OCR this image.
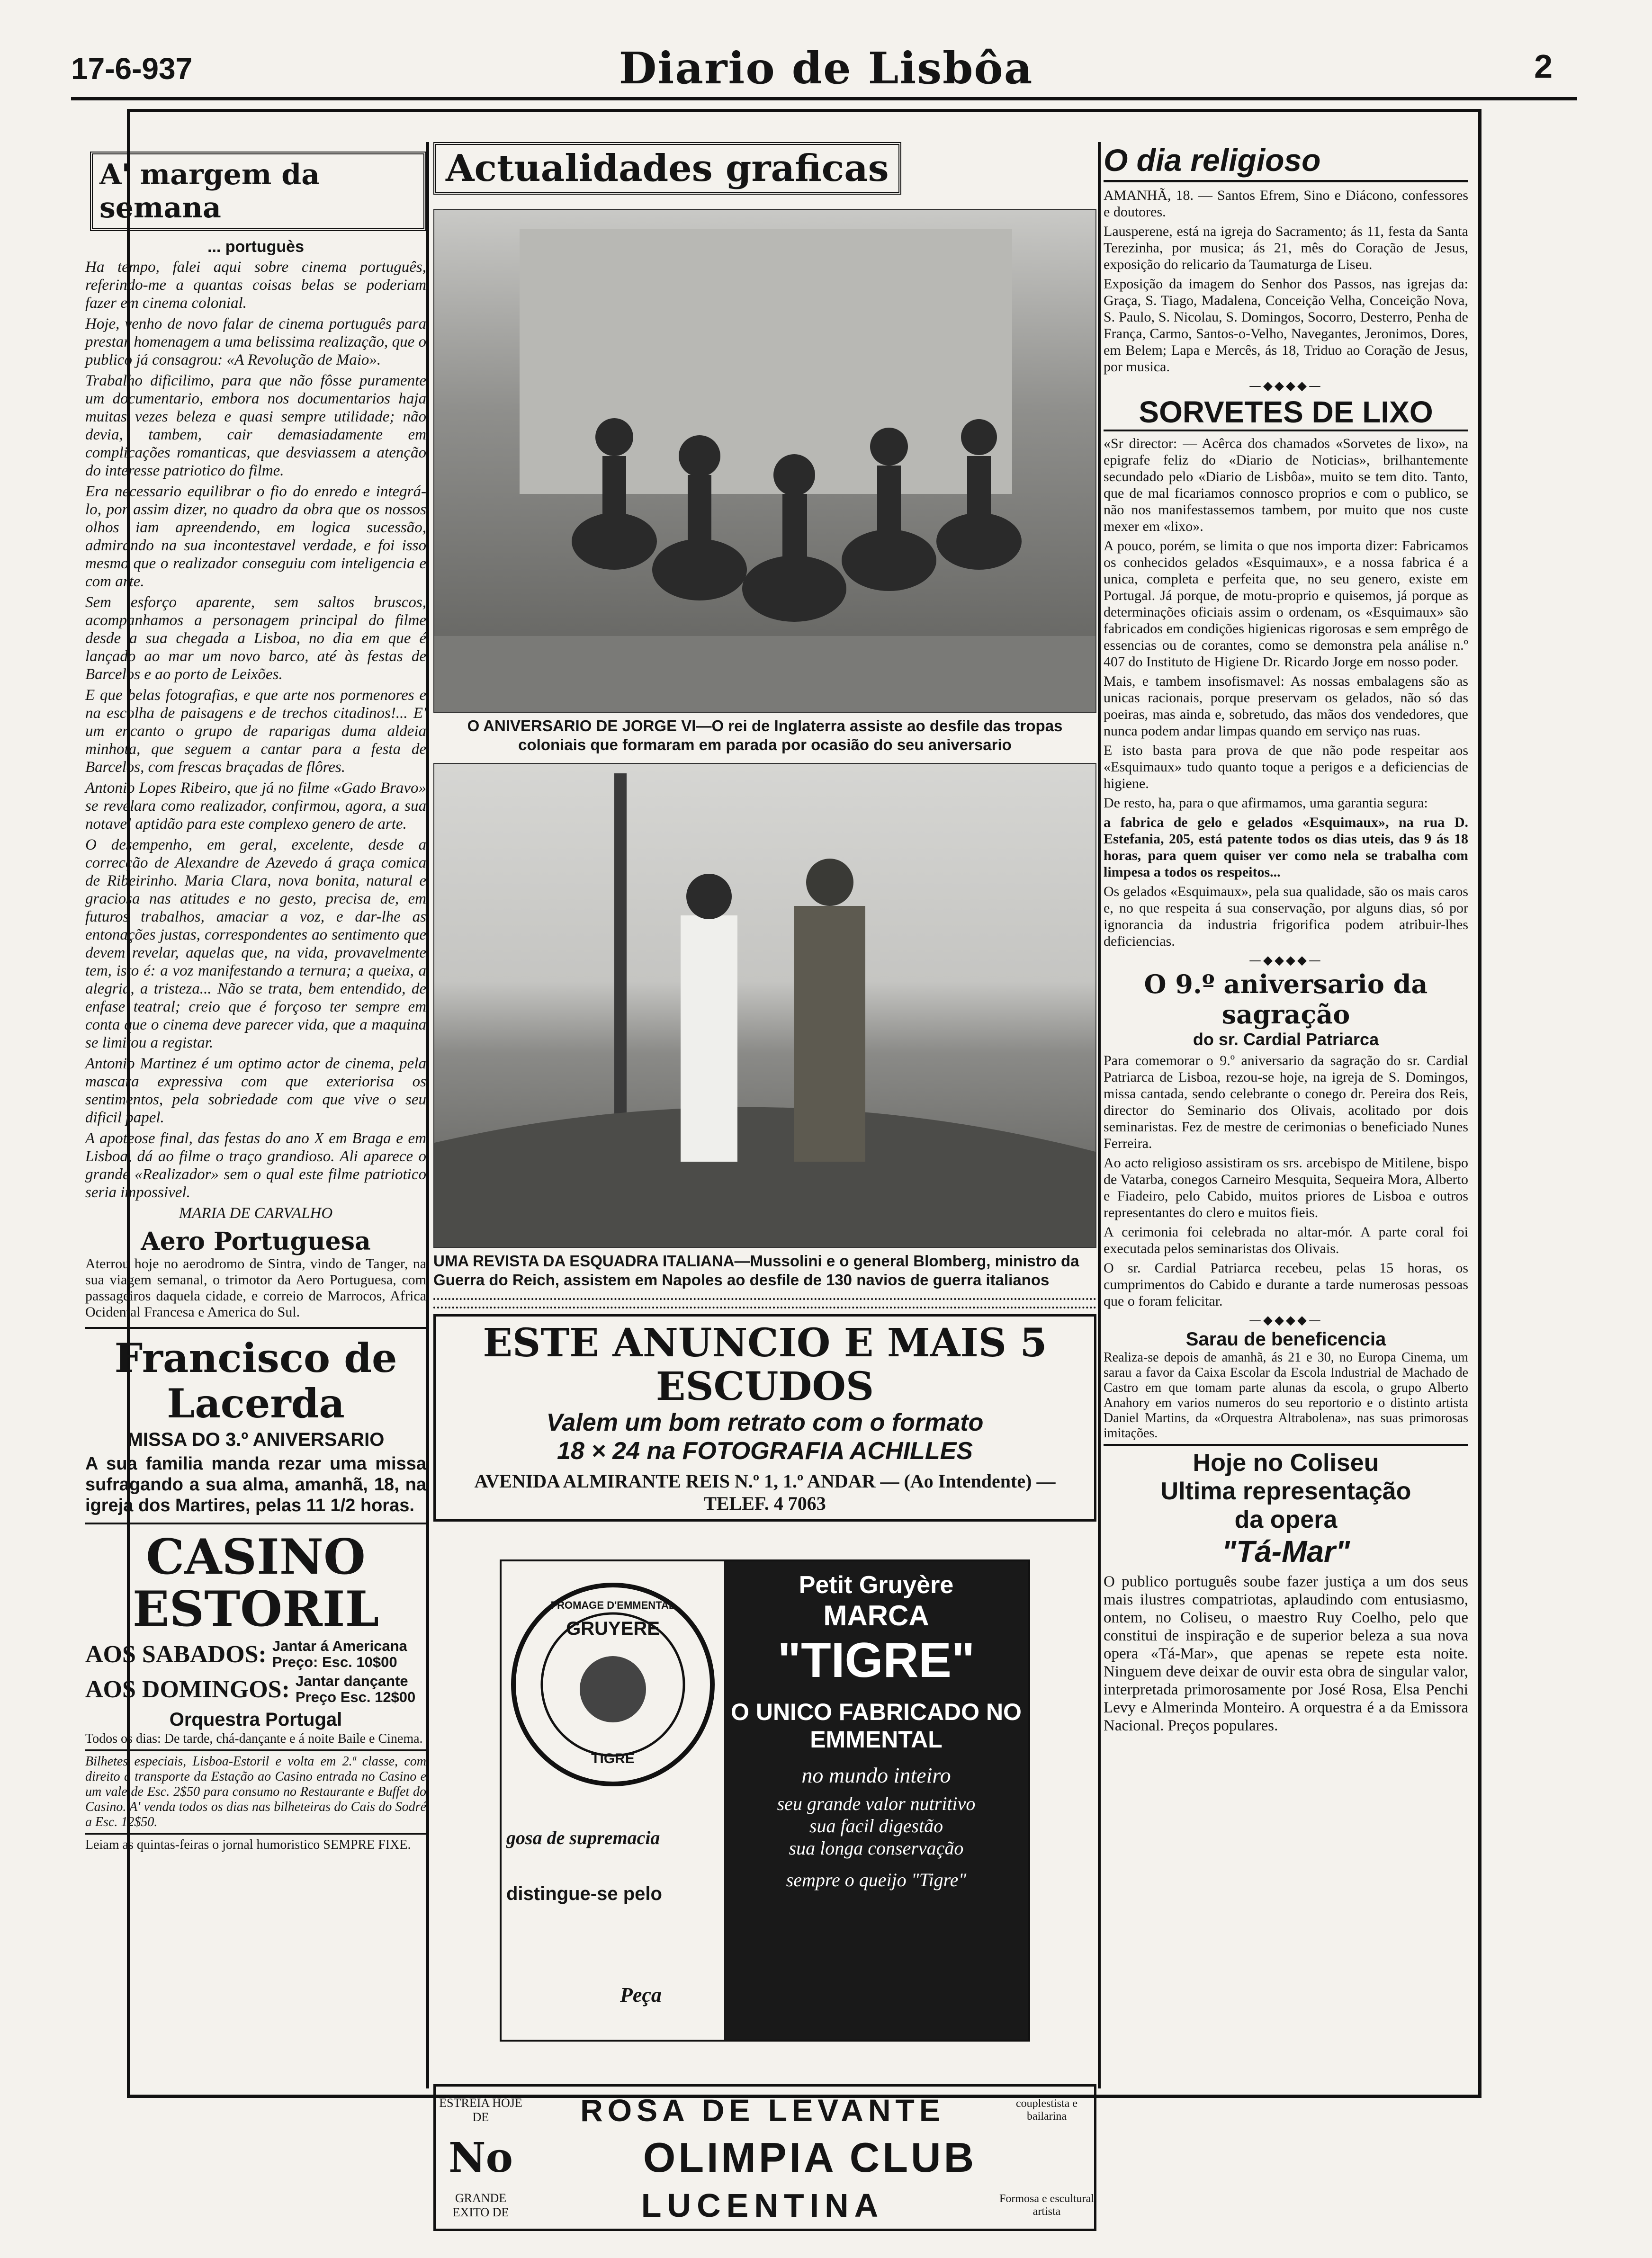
17-6-937	Diario de Lisbôa	2
A' margem da semana
... portuguès

Ha tempo, falei aqui sobre cinema português, referindo-me a quantas coisas belas se poderiam fazer em cinema colonial.

Hoje, venho de novo falar de cinema português para prestar homenagem a uma belissima realização, que o publico já consagrou: «A Revolução de Maio».

Trabalho dificilimo, para que não fôsse puramente um documentario, embora nos documentarios haja muitas vezes beleza e quasi sempre utilidade; não devia, tambem, cair demasiadamente em complicações romanticas, que desviassem a atenção do interesse patriotico do filme.

Era necessario equilibrar o fio do enredo e integrá-lo, por assim dizer, no quadro da obra que os nossos olhos iam apreendendo, em logica sucessão, admirando na sua incontestavel verdade, e foi isso mesmo que o realizador conseguiu com inteligencia e com arte.

Sem esforço aparente, sem saltos bruscos, acompanhamos a personagem principal do filme desde a sua chegada a Lisboa, no dia em que é lançado ao mar um novo barco, até às festas de Barcelos e ao porto de Leixões.

E que belas fotografias, e que arte nos pormenores e na escolha de paisagens e de trechos citadinos!... E' um encanto o grupo de raparigas duma aldeia minhota, que seguem a cantar para a festa de Barcelos, com frescas braçadas de flôres.

Antonio Lopes Ribeiro, que já no filme «Gado Bravo» se revelara como realizador, confirmou, agora, a sua notavel aptidão para este complexo genero de arte.

O desempenho, em geral, excelente, desde a correcção de Alexandre de Azevedo á graça comica de Ribeirinho. Maria Clara, nova bonita, natural e graciosa nas atitudes e no gesto, precisa de, em futuros trabalhos, amaciar a voz, e dar-lhe as entonações justas, correspondentes ao sentimento que devem revelar, aquelas que, na vida, provavelmente tem, isto é: a voz manifestando a ternura; a queixa, a alegria, a tristeza... Não se trata, bem entendido, de enfase teatral; creio que é forçoso ter sempre em conta que o cinema deve parecer vida, que a maquina se limitou a registar.

Antonio Martinez é um optimo actor de cinema, pela mascara expressiva com que exteriorisa os sentimentos, pela sobriedade com que vive o seu dificil papel.

A apoteose final, das festas do ano X em Braga e em Lisboa, dá ao filme o traço grandioso. Ali aparece o grande «Realizador» sem o qual este filme patriotico seria impossivel.

MARIA DE CARVALHO
Aero Portuguesa

Aterrou hoje no aerodromo de Sintra, vindo de Tanger, na sua viagem semanal, o trimotor da Aero Portuguesa, com passageiros daquela cidade, e correio de Marrocos, Africa Ocidental Francesa e America do Sul.

Francisco de Lacerda
MISSA DO 3.º ANIVERSARIO
A sua familia manda rezar uma missa sufragando a sua alma, amanhã, 18, na igreja dos Martires, pelas 11 1/2 horas.
CASINO ESTORIL
AOS SABADOS: Jantar á Americana Preço: Esc. 10$00
AOS DOMINGOS: Jantar dançante Preço Esc. 12$00
Orquestra Portugal

Todos os dias: De tarde, chá-dançante e á noite Baile e Cinema.

Bilhetes especiais, Lisboa-Estoril e volta em 2.ª classe, com direito a transporte da Estação ao Casino entrada no Casino e um vale de Esc. 2$50 para consumo no Restaurante e Buffet do Casino. A' venda todos os dias nas bilheteiras do Cais do Sodré a Esc. 12$50.

Leiam as quintas-feiras o jornal humoristico SEMPRE FIXE.

Actualidades graficas
O ANIVERSARIO DE JORGE VI—O rei de Inglaterra assiste ao desfile das tropas coloniais que formaram em parada por ocasião do seu aniversario
UMA REVISTA DA ESQUADRA ITALIANA—Mussolini e o general Blomberg, ministro da Guerra do Reich, assistem em Napoles ao desfile de 130 navios de guerra italianos
ESTE ANUNCIO E MAIS 5 ESCUDOS
Valem um bom retrato com o formato
18 × 24 na FOTOGRAFIA ACHILLES
AVENIDA ALMIRANTE REIS N.º 1, 1.º ANDAR — (Ao Intendente) — TELEF. 4 7063
FROMAGE D'EMMENTAL
GRUYERE
TIGRE
gosa de supremacia
distingue-se pelo
Peça
Petit Gruyère
MARCA
"TIGRE"
O UNICO FABRICADO NO EMMENTAL
no mundo inteiro
seu grande valor nutritivo
sua facil digestão
sua longa conservação
sempre o queijo "Tigre"
ESTREIA HOJE DE	ROSA DE LEVANTE	couplestista e bailarina
No	OLIMPIA CLUB
GRANDE EXITO DE	LUCENTINA	Formosa e escultural artista
O dia religioso

AMANHÃ, 18. — Santos Efrem, Sino e Diácono, confessores e doutores.

Lausperene, está na igreja do Sacramento; ás 11, festa da Santa Terezinha, por musica; ás 21, mês do Coração de Jesus, exposição do relicario da Taumaturga de Liseu.

Exposição da imagem do Senhor dos Passos, nas igrejas da: Graça, S. Tiago, Madalena, Conceição Velha, Conceição Nova, S. Paulo, S. Nicolau, S. Domingos, Socorro, Desterro, Penha de França, Carmo, Santos-o-Velho, Navegantes, Jeronimos, Dores, em Belem; Lapa e Mercês, ás 18, Triduo ao Coração de Jesus, por musica.

—◆◆◆◆—
SORVETES DE LIXO

«Sr director: — Acêrca dos chamados «Sorvetes de lixo», na epigrafe feliz do «Diario de Noticias», brilhantemente secundado pelo «Diario de Lisbôa», muito se tem dito. Tanto, que de mal ficariamos connosco proprios e com o publico, se não nos manifestassemos tambem, por muito que nos custe mexer em «lixo».

A pouco, porém, se limita o que nos importa dizer: Fabricamos os conhecidos gelados «Esquimaux», e a nossa fabrica é a unica, completa e perfeita que, no seu genero, existe em Portugal. Já porque, de motu-proprio e quisemos, já porque as determinações oficiais assim o ordenam, os «Esquimaux» são fabricados em condições higienicas rigorosas e sem emprêgo de essencias ou de corantes, como se demonstra pela análise n.º 407 do Instituto de Higiene Dr. Ricardo Jorge em nosso poder.

Mais, e tambem insofismavel: As nossas embalagens são as unicas racionais, porque preservam os gelados, não só das poeiras, mas ainda e, sobretudo, das mãos dos vendedores, que nunca podem andar limpas quando em serviço nas ruas.

E isto basta para prova de que não pode respeitar aos «Esquimaux» tudo quanto toque a perigos e a deficiencias de higiene.

De resto, ha, para o que afirmamos, uma garantia segura:

a fabrica de gelo e gelados «Esquimaux», na rua D. Estefania, 205, está patente todos os dias uteis, das 9 ás 18 horas, para quem quiser ver como nela se trabalha com limpesa a todos os respeitos...

Os gelados «Esquimaux», pela sua qualidade, são os mais caros e, no que respeita á sua conservação, por alguns dias, só por ignorancia da industria frigorifica podem atribuir-lhes deficiencias.

—◆◆◆◆—
O 9.º aniversario da sagração
do sr. Cardial Patriarca

Para comemorar o 9.º aniversario da sagração do sr. Cardial Patriarca de Lisboa, rezou-se hoje, na igreja de S. Domingos, missa cantada, sendo celebrante o conego dr. Pereira dos Reis, director do Seminario dos Olivais, acolitado por dois seminaristas. Fez de mestre de cerimonias o beneficiado Nunes Ferreira.

Ao acto religioso assistiram os srs. arcebispo de Mitilene, bispo de Vatarba, conegos Carneiro Mesquita, Sequeira Mora, Alberto e Fiadeiro, pelo Cabido, muitos priores de Lisboa e outros representantes do clero e muitos fieis.

A cerimonia foi celebrada no altar-mór. A parte coral foi executada pelos seminaristas dos Olivais.

O sr. Cardial Patriarca recebeu, pelas 15 horas, os cumprimentos do Cabido e durante a tarde numerosas pessoas que o foram felicitar.

—◆◆◆◆—
Sarau de beneficencia

Realiza-se depois de amanhã, ás 21 e 30, no Europa Cinema, um sarau a favor da Caixa Escolar da Escola Industrial de Machado de Castro em que tomam parte alunas da escola, o grupo Alberto Anahory em varios numeros do seu reportorio e o distinto artista Daniel Martins, da «Orquestra Altrabolena», nas suas primorosas imitações.

Hoje no Coliseu
Ultima representação
da opera
"Tá-Mar"

O publico português soube fazer justiça a um dos seus mais ilustres compatriotas, aplaudindo com entusiasmo, ontem, no Coliseu, o maestro Ruy Coelho, pelo que constitui de inspiração e de superior beleza a sua nova opera «Tá-Mar», que apenas se repete esta noite. Ninguem deve deixar de ouvir esta obra de singular valor, interpretada primorosamente por José Rosa, Elsa Penchi Levy e Almerinda Monteiro. A orquestra é a da Emissora Nacional. Preços populares.
